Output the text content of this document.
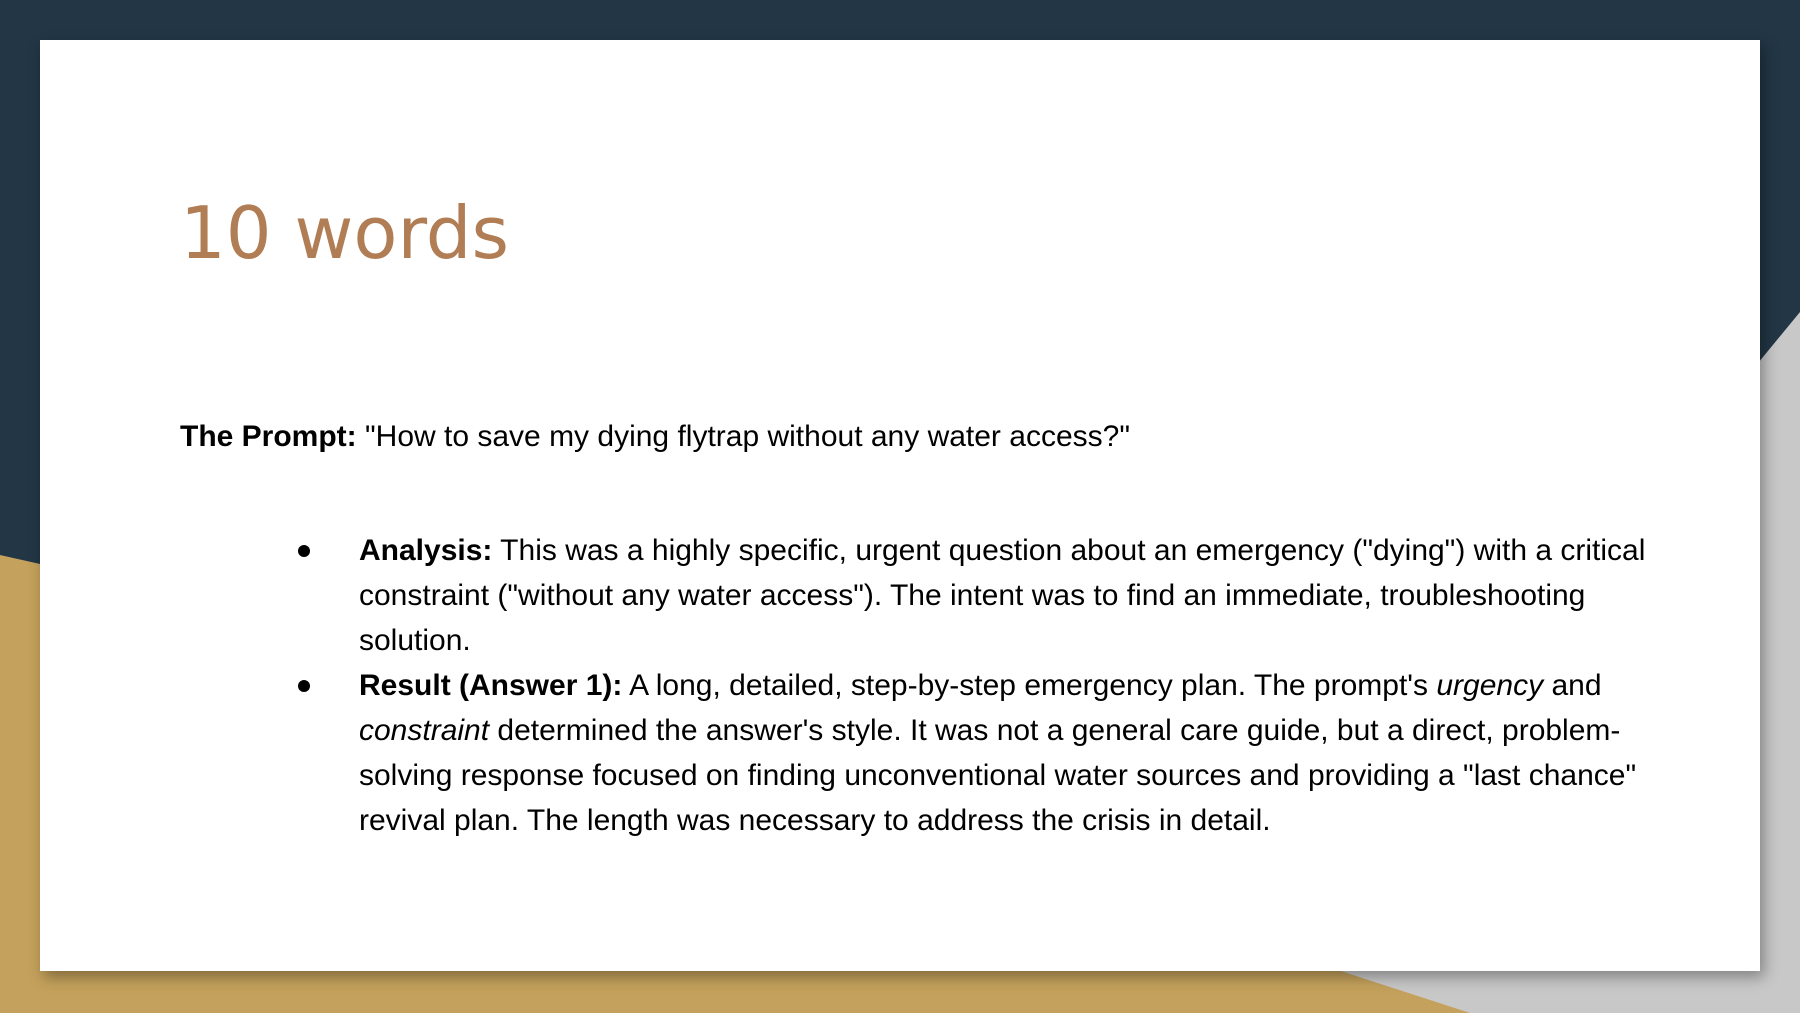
10 words

The Prompt: "How to save my dying flytrap without any water access?"

Analysis: This was a highly specific, urgent question about an emergency ("dying") with a critical constraint ("without any water access"). The intent was to find an immediate, troubleshooting solution.
Result (Answer 1): A long, detailed, step-by-step emergency plan. The prompt's urgency and constraint determined the answer's style. It was not a general care guide, but a direct, problem-solving response focused on finding unconventional water sources and providing a "last chance" revival plan. The length was necessary to address the crisis in detail.
